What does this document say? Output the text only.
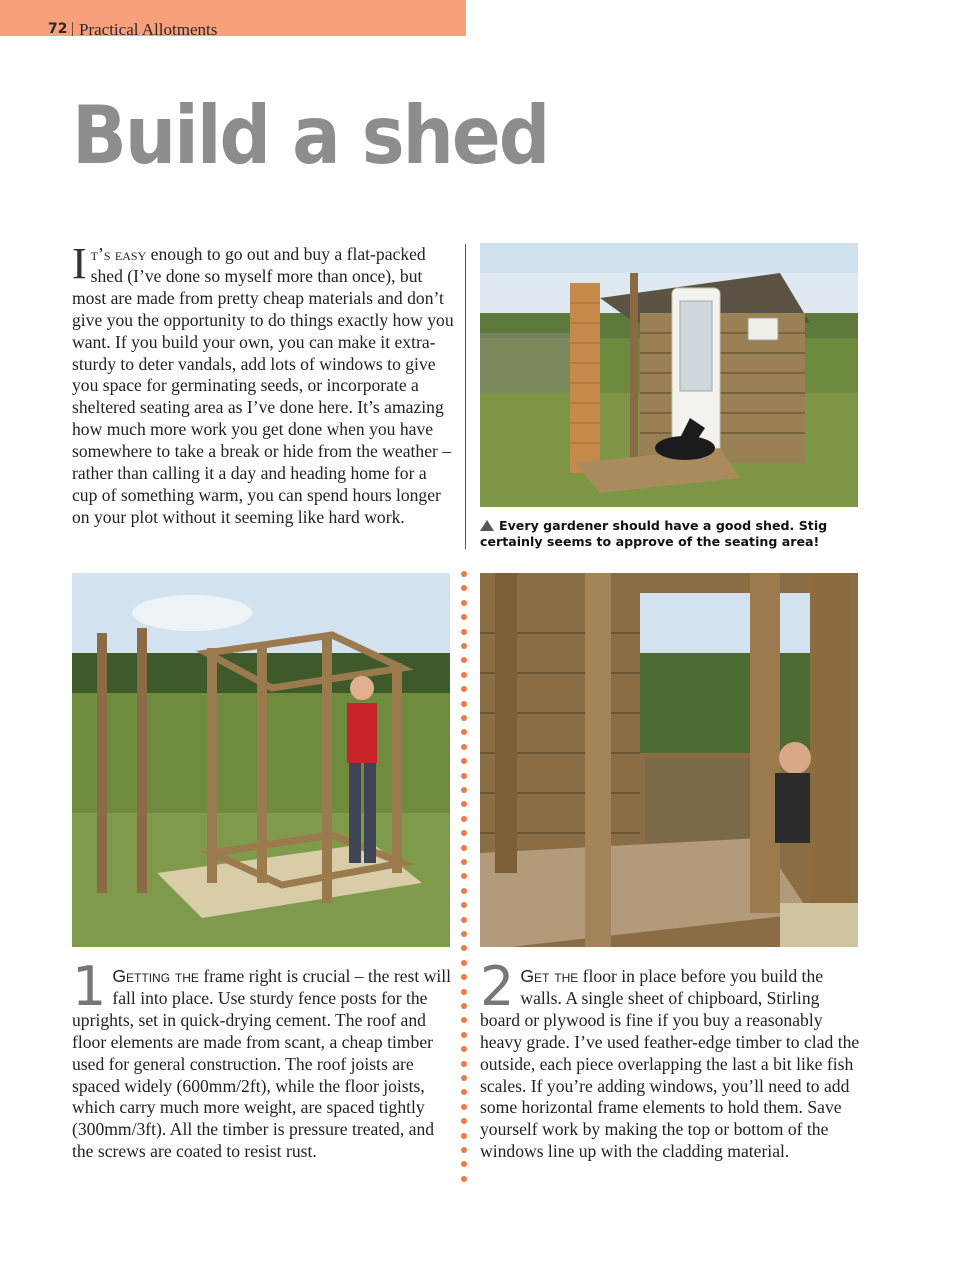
72 Practical Allotments
Build a shed

It’s easy enough to go out and buy a flat-packed shed (I’ve done so myself more than once), but most are made from pretty cheap materials and don’t give you the opportunity to do things exactly how you want. If you build your own, you can make it extra-sturdy to deter vandals, add lots of windows to give you space for germinating seeds, or incorporate a sheltered seating area as I’ve done here. It’s amazing how much more work you get done when you have somewhere to take a break or hide from the weather – rather than calling it a day and heading home for a cup of something warm, you can spend hours longer on your plot without it seeming like hard work.	Every gardener should have a good shed. Stig certainly seems to approve of the seating area!

1 Getting the frame right is crucial – the rest will fall into place. Use sturdy fence posts for the uprights, set in quick-drying cement. The roof and floor elements are made from scant, a cheap timber used for general construction. The roof joists are spaced widely (600mm/2ft), while the floor joists, which carry much more weight, are spaced tightly (300mm/3ft). All the timber is pressure treated, and the screws are coated to resist rust.

2 Get the floor in place before you build the walls. A single sheet of chipboard, Stirling board or plywood is fine if you buy a reasonably heavy grade. I’ve used feather-edge timber to clad the outside, each piece overlapping the last a bit like fish scales. If you’re adding windows, you’ll need to add some horizontal frame elements to hold them. Save yourself work by making the top or bottom of the windows line up with the cladding material.
